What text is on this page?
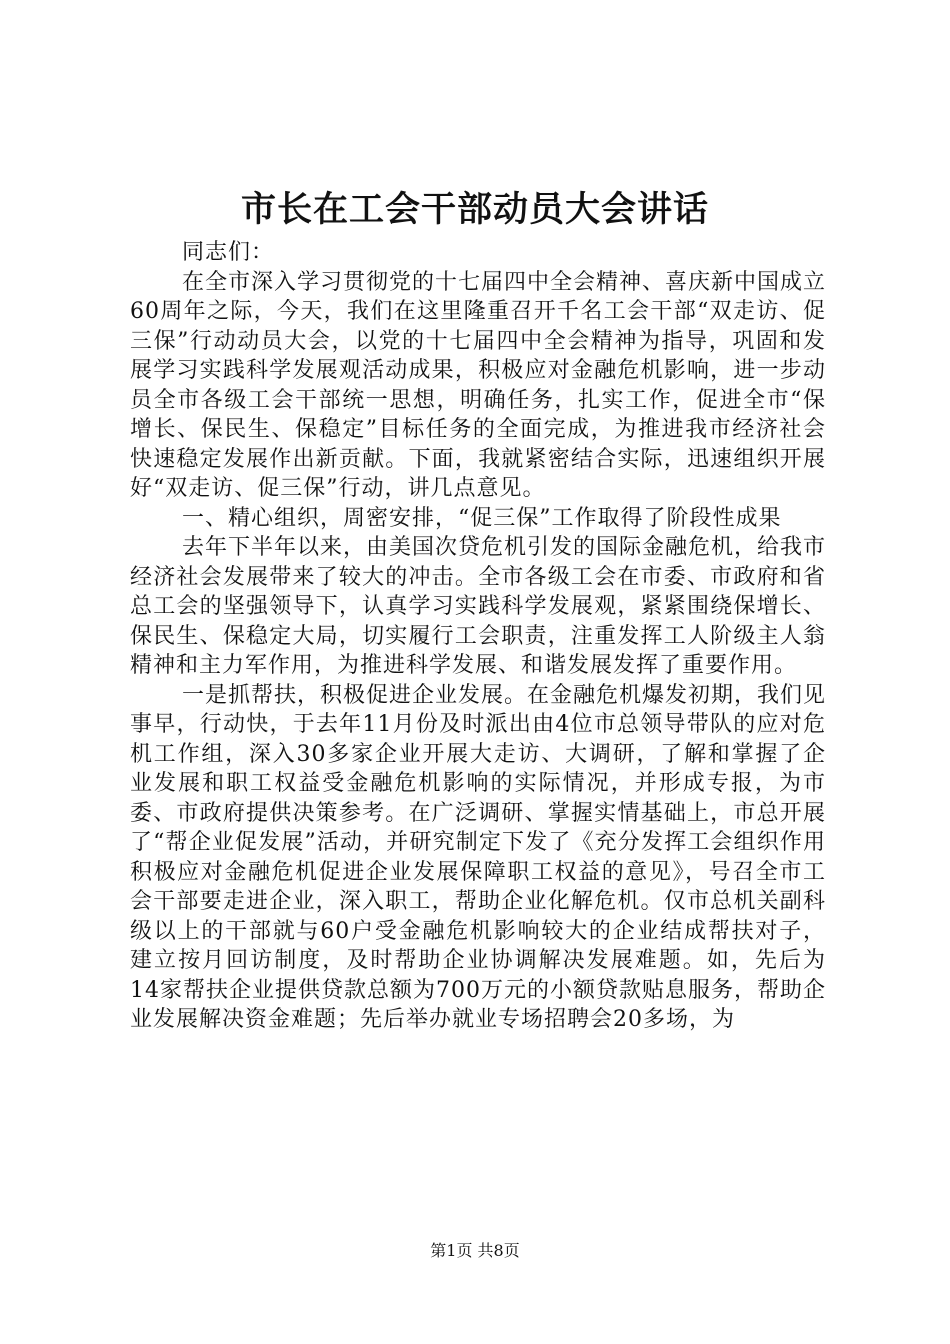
市长在工会干部动员大会讲话

同志们：

在全市深入学习贯彻党的十七届四中全会精神、喜庆新中国成立60周年之际，今天，我们在这里隆重召开千名工会干部“双走访、促三保”行动动员大会，以党的十七届四中全会精神为指导，巩固和发展学习实践科学发展观活动成果，积极应对金融危机影响，进一步动员全市各级工会干部统一思想，明确任务，扎实工作，促进全市“保增长、保民生、保稳定”目标任务的全面完成，为推进我市经济社会快速稳定发展作出新贡献。下面，我就紧密结合实际，迅速组织开展好“双走访、促三保”行动，讲几点意见。

一、精心组织，周密安排，“促三保”工作取得了阶段性成果

去年下半年以来，由美国次贷危机引发的国际金融危机，给我市经济社会发展带来了较大的冲击。全市各级工会在市委、市政府和省总工会的坚强领导下，认真学习实践科学发展观，紧紧围绕保增长、保民生、保稳定大局，切实履行工会职责，注重发挥工人阶级主人翁精神和主力军作用，为推进科学发展、和谐发展发挥了重要作用。

一是抓帮扶，积极促进企业发展。在金融危机爆发初期，我们见事早，行动快，于去年11月份及时派出由4位市总领导带队的应对危机工作组，深入30多家企业开展大走访、大调研，了解和掌握了企业发展和职工权益受金融危机影响的实际情况，并形成专报，为市委、市政府提供决策参考。在广泛调研、掌握实情基础上，市总开展了“帮企业促发展”活动，并研究制定下发了《充分发挥工会组织作用积极应对金融危机促进企业发展保障职工权益的意见》，号召全市工会干部要走进企业，深入职工，帮助企业化解危机。仅市总机关副科级以上的干部就与60户受金融危机影响较大的企业结成帮扶对子，建立按月回访制度，及时帮助企业协调解决发展难题。如，先后为14家帮扶企业提供贷款总额为700万元的小额贷款贴息服务，帮助企业发展解决资金难题；先后举办就业专场招聘会20多场，为

第1页 共8页
